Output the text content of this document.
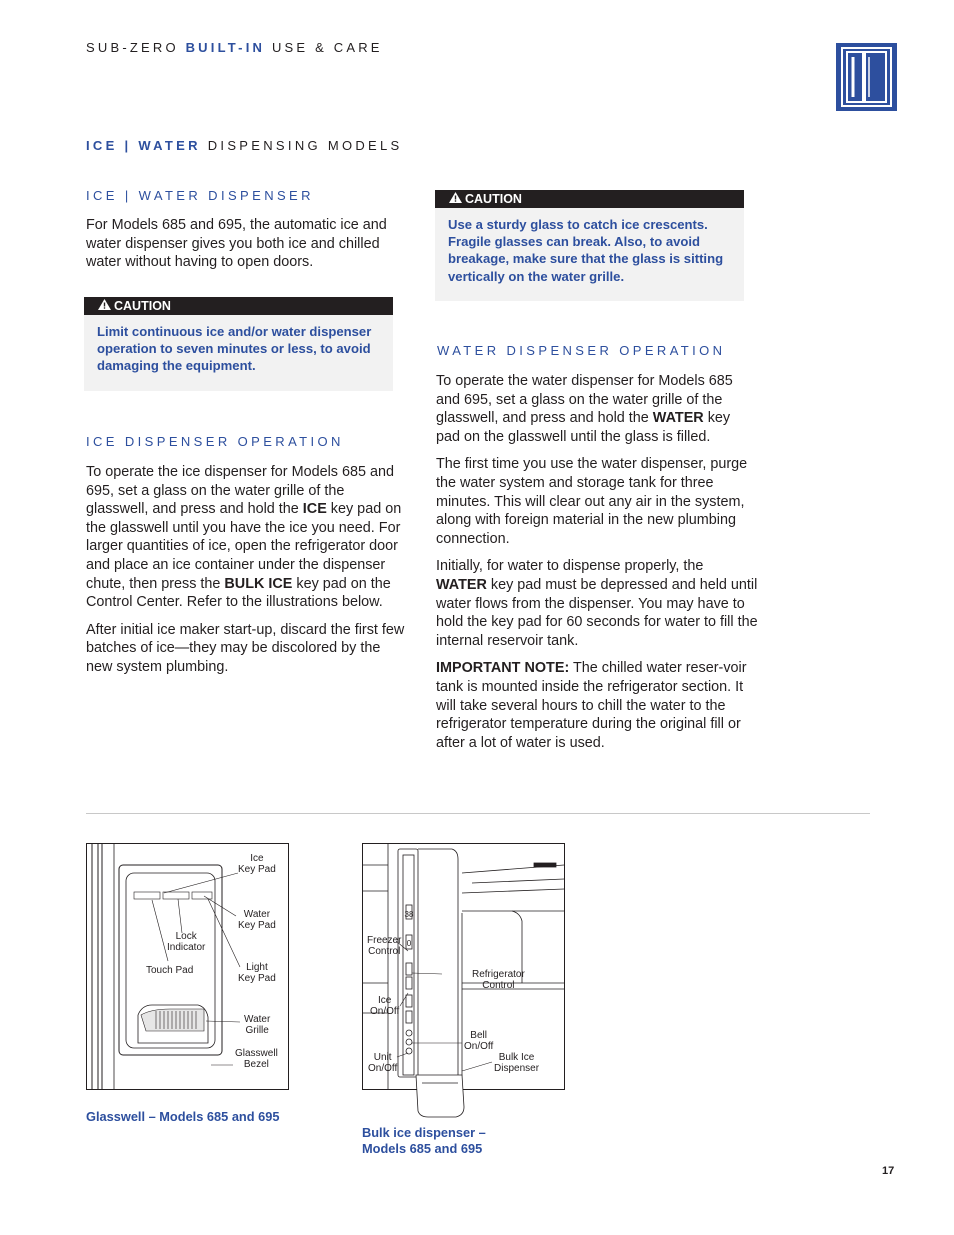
SUB-ZERO BUILT-IN USE & CARE
ICE | WATER DISPENSING MODELS
ICE | WATER DISPENSER

For Models 685 and 695, the automatic ice and water dispenser gives you both ice and chilled water without having to open doors.

CAUTION
Limit continuous ice and/or water dispenser operation to seven minutes or less, to avoid damaging the equipment.
ICE DISPENSER OPERATION

To operate the ice dispenser for Models 685 and 695, set a glass on the water grille of the glasswell, and press and hold the ICE key pad on the glasswell until you have the ice you need. For larger quantities of ice, open the refrigerator door and place an ice container under the dispenser chute, then press the BULK ICE key pad on the Control Center. Refer to the illustrations below.

After initial ice maker start-up, discard the first few batches of ice—they may be discolored by the new system plumbing.

CAUTION
Use a sturdy glass to catch ice crescents. Fragile glasses can break. Also, to avoid breakage, make sure that the glass is sitting vertically on the water grille.
WATER DISPENSER OPERATION

To operate the water dispenser for Models 685 and 695, set a glass on the water grille of the glasswell, and press and hold the WATER key pad on the glasswell until the glass is filled.

The first time you use the water dispenser, purge the water system and storage tank for three minutes. This will clear out any air in the system, along with foreign material in the new plumbing connection.

Initially, for water to dispense properly, the WATER key pad must be depressed and held until water flows from the dispenser. You may have to hold the key pad for 60 seconds for water to fill the internal reservoir tank.

IMPORTANT NOTE: The chilled water reser-voir tank is mounted inside the refrigerator section. It will take several hours to chill the water to the refrigerator temperature during the original fill or after a lot of water is used.

Ice
Key Pad
Water
Key Pad
Lock
Indicator
Touch Pad	Light
Key Pad
Water
Grille
Glasswell
Bezel
Glasswell – Models 685 and 695
38
0
Freezer
Control
Refrigerator
Control
Ice
On/Off
Bell
On/Off
Unit
On/Off
Bulk Ice
Dispenser
Bulk ice dispenser –
Models 685 and 695
17
